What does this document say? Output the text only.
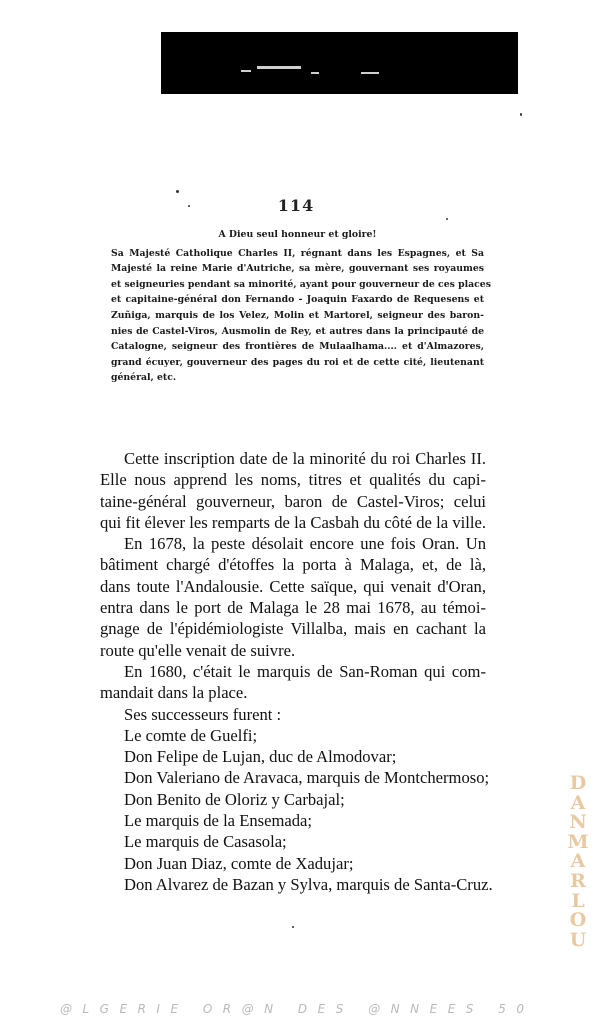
114
A Dieu seul honneur et gloire!
Sa Majesté Catholique Charles II, régnant dans les Espagnes, et Sa
Majesté la reine Marie d'Autriche, sa mère, gouvernant ses royaumes
et seigneuries pendant sa minorité, ayant pour gouverneur de ces places
et capitaine-général don Fernando - Joaquin Faxardo de Requesens et
Zuñiga, marquis de los Velez, Molin et Martorel, seigneur des baron-
nies de Castel-Viros, Ausmolin de Rey, et autres dans la principauté de
Catalogne, seigneur des frontières de Mulaalhama.... et d'Almazores,
grand écuyer, gouverneur des pages du roi et de cette cité, lieutenant
général, etc.
Cette inscription date de la minorité du roi Charles II.
Elle nous apprend les noms, titres et qualités du capi-
taine-général gouverneur, baron de Castel-Viros; celui
qui fit élever les remparts de la Casbah du côté de la ville.
En 1678, la peste désolait encore une fois Oran. Un
bâtiment chargé d'étoffes la porta à Malaga, et, de là,
dans toute l'Andalousie. Cette saïque, qui venait d'Oran,
entra dans le port de Malaga le 28 mai 1678, au témoi-
gnage de l'épidémiologiste Villalba, mais en cachant la
route qu'elle venait de suivre.
En 1680, c'était le marquis de San-Roman qui com-
mandait dans la place.
Ses successeurs furent :
Le comte de Guelfi;
Don Felipe de Lujan, duc de Almodovar;
Don Valeriano de Aravaca, marquis de Montchermoso;
Don Benito de Oloriz y Carbajal;
Le marquis de la Ensemada;
Le marquis de Casasola;
Don Juan Diaz, comte de Xadujar;
Don Alvarez de Bazan y Sylva, marquis de Santa-Cruz.
D
A
N
M
A
R
L
O
U
@LGERIE OR@N DES @NNEES 50
